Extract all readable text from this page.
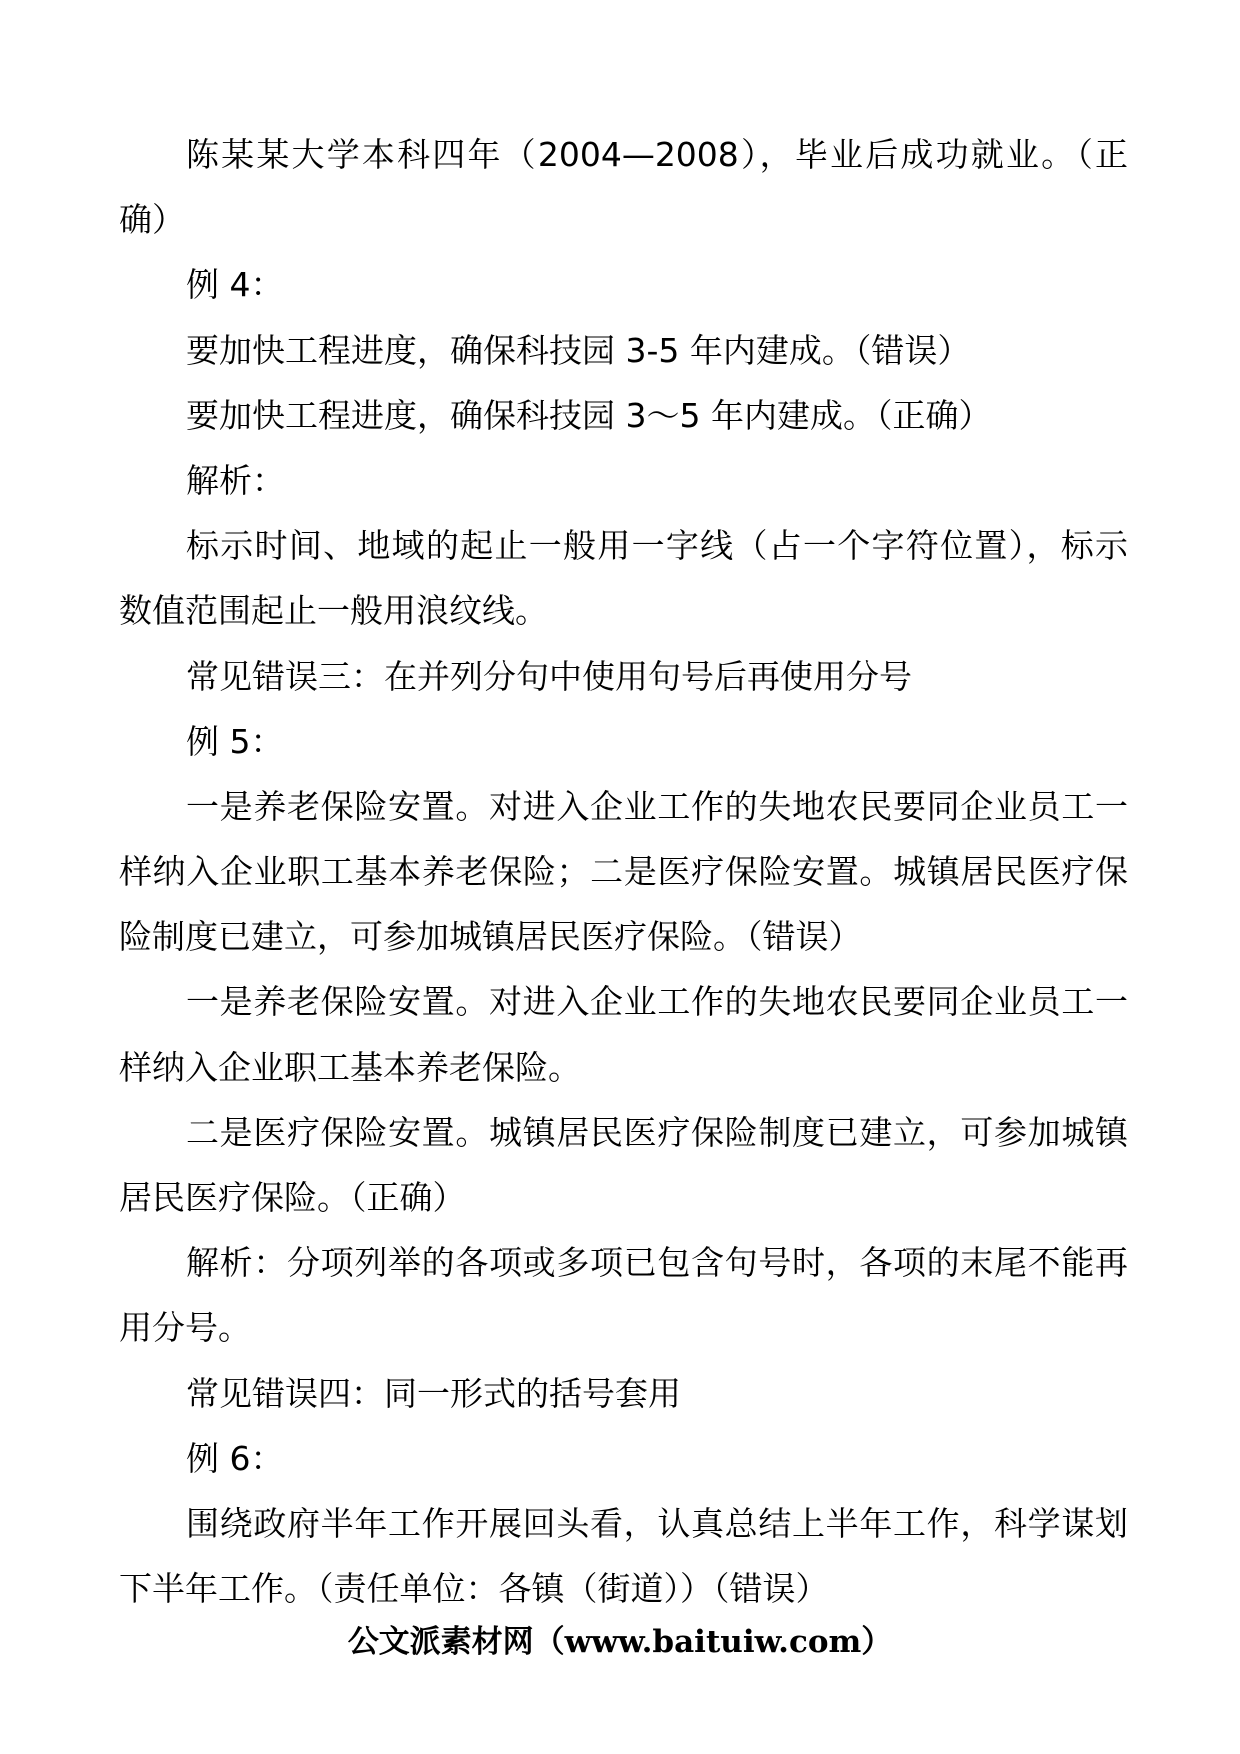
陈某某大学本科四年（2004—2008），毕业后成功就业。（正
确）
例 4：
要加快工程进度，确保科技园 3-5 年内建成。（错误）
要加快工程进度，确保科技园 3～5 年内建成。（正确）
解析：
标示时间、地域的起止一般用一字线（占一个字符位置），标示
数值范围起止一般用浪纹线。
常见错误三：在并列分句中使用句号后再使用分号
例 5：
一是养老保险安置。对进入企业工作的失地农民要同企业员工一
样纳入企业职工基本养老保险；二是医疗保险安置。城镇居民医疗保
险制度已建立，可参加城镇居民医疗保险。（错误）
一是养老保险安置。对进入企业工作的失地农民要同企业员工一
样纳入企业职工基本养老保险。
二是医疗保险安置。城镇居民医疗保险制度已建立，可参加城镇
居民医疗保险。（正确）
解析：分项列举的各项或多项已包含句号时，各项的末尾不能再
用分号。
常见错误四：同一形式的括号套用
例 6：
围绕政府半年工作开展回头看，认真总结上半年工作，科学谋划
下半年工作。（责任单位：各镇（街道））（错误）
公文派素材网（www.baituiw.com）
